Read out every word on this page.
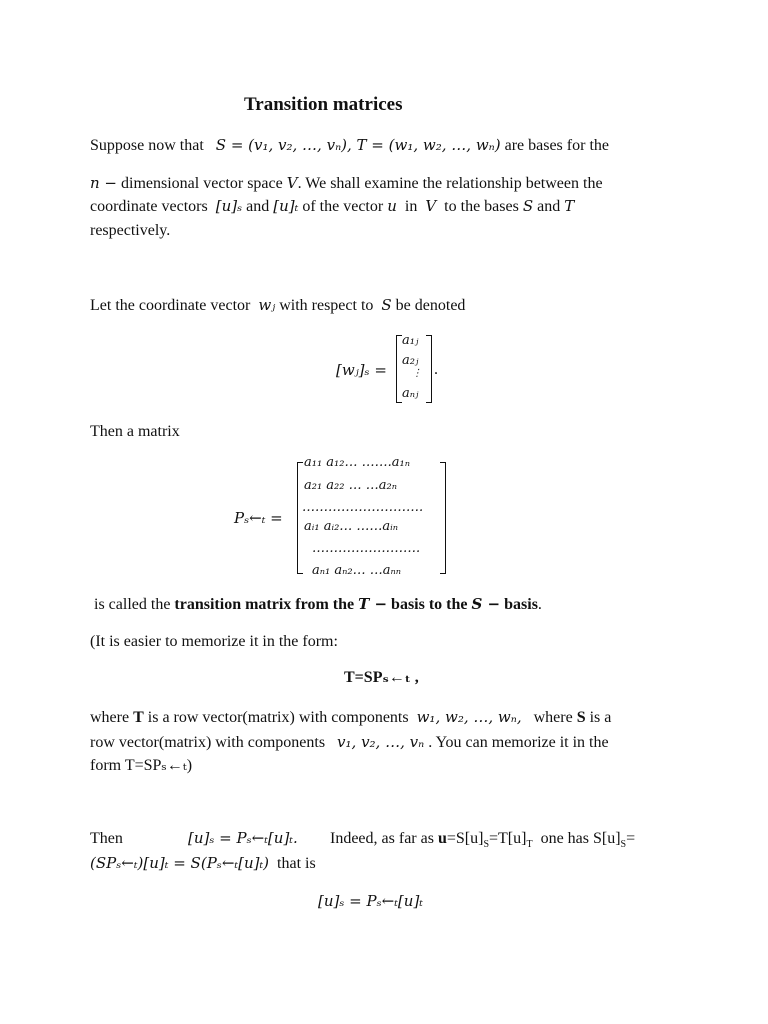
Transition matrices
Suppose now that S = (v₁, v₂, …, vₙ), T = (w₁, w₂, …, wₙ) are bases for the
n − dimensional vector space V. We shall examine the relationship between the
coordinate vectors [u]ₛ and [u]ₜ of the vector u in V to the bases S and T
respectively.
Let the coordinate vector wⱼ with respect to S be denoted
[wⱼ]ₛ =
a₁ⱼ
a₂ⱼ
⋮
aₙⱼ
.
Then a matrix
Pₛ←ₜ =
a₁₁ a₁₂… …….a₁ₙ
a₂₁ a₂₂ … …a₂ₙ
……………………….
aᵢ₁ aᵢ₂… ……aᵢₙ
…………………….
aₙ₁ aₙ₂… …aₙₙ
is called the transition matrix from the T − basis to the S − basis.
(It is easier to memorize it in the form:
T=SPₛ←ₜ ,
where T is a row vector(matrix) with components w₁, w₂, …, wₙ, where S is a
row vector(matrix) with components v₁, v₂, …, vₙ . You can memorize it in the
form T=SPₛ←ₜ)
Then	[u]ₛ = Pₛ←ₜ[u]ₜ. Indeed, as far as $u=S[u]_S=T[u]_T$ one has $S[u]_S=$
(SPₛ←ₜ)[u]ₜ = S(Pₛ←ₜ[u]ₜ) that is
[u]ₛ = Pₛ←ₜ[u]ₜ
